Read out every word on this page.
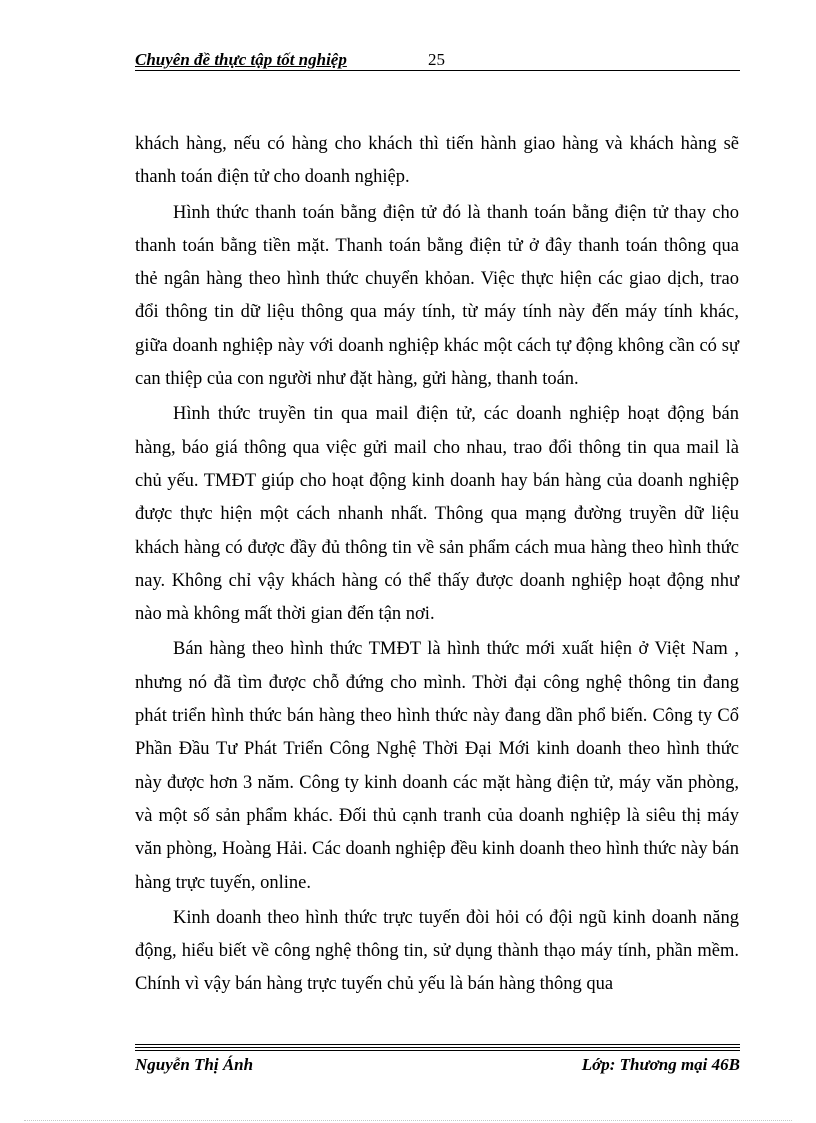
Chuyên đề thực tập tốt nghiệp	25

khách hàng, nếu có hàng cho khách thì tiến hành giao hàng và khách hàng sẽ thanh toán điện tử cho doanh nghiệp.

Hình thức thanh toán bằng điện tử đó là thanh toán bằng điện tử thay cho thanh toán bằng tiền mặt. Thanh toán bằng điện tử ở đây thanh toán thông qua thẻ ngân hàng theo hình thức chuyển khỏan. Việc thực hiện các giao dịch, trao đổi thông tin dữ liệu thông qua máy tính, từ máy tính này đến máy tính khác, giữa doanh nghiệp này với doanh nghiệp khác một cách tự động không cần có sự can thiệp của con người như đặt hàng, gửi hàng, thanh toán.

Hình thức truyền tin qua mail điện tử, các doanh nghiệp hoạt động bán hàng, báo giá thông qua việc gửi mail cho nhau, trao đổi thông tin qua mail là chủ yếu. TMĐT giúp cho hoạt động kinh doanh hay bán hàng của doanh nghiệp được thực hiện một cách nhanh nhất. Thông qua mạng đường truyền dữ liệu khách hàng có được đầy đủ thông tin về sản phẩm cách mua hàng theo hình thức nay. Không chỉ vậy khách hàng có thể thấy được doanh nghiệp hoạt động như nào mà không mất thời gian đến tận nơi.

Bán hàng theo hình thức TMĐT là hình thức mới xuất hiện ở Việt Nam , nhưng nó đã tìm được chỗ đứng cho mình. Thời đại công nghệ thông tin đang phát triển hình thức bán hàng theo hình thức này đang dần phổ biến. Công ty Cổ Phần Đầu Tư Phát Triển Công Nghệ Thời Đại Mới kinh doanh theo hình thức này được hơn 3 năm. Công ty kinh doanh các mặt hàng điện tử, máy văn phòng, và một số sản phẩm khác. Đối thủ cạnh tranh của doanh nghiệp là siêu thị máy văn phòng, Hoàng Hải. Các doanh nghiệp đều kinh doanh theo hình thức này bán hàng trực tuyến, online.

Kinh doanh theo hình thức trực tuyến đòi hỏi có đội ngũ kinh doanh năng động, hiểu biết về công nghệ thông tin, sử dụng thành thạo máy tính, phần mềm. Chính vì vậy bán hàng trực tuyến chủ yếu là bán hàng thông qua

Nguyễn Thị Ánh	Lớp: Thương mại 46B
